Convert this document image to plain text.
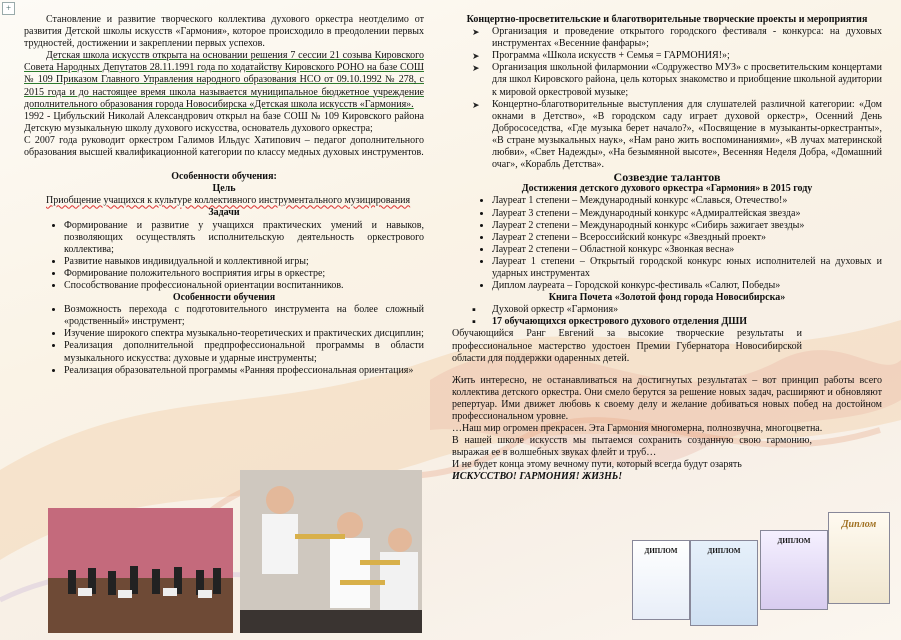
+

Становление и развитие творческого коллектива духового оркестра неотделимо от развития Детской школы искусств «Гармония», которое происходило в преодолении первых трудностей, достижении и закреплении первых успехов.

Детская школа искусств открыта на основании решения 7 сессии 21 созыва Кировского Совета Народных Депутатов 28.11.1991 года по ходатайству Кировского РОНО на базе СОШ № 109 Приказом Главного Управления народного образования НСО от 09.10.1992 № 278, с 2015 года и до настоящее время школа называется муниципальное бюджетное учреждение дополнительного образования города Новосибирска «Детская школа искусств «Гармония».

1992 - Цибульский Николай Александрович открыл на базе СОШ № 109 Кировского района Детскую музыкальную школу духового искусства, основатель духового оркестра;

С 2007 года руководит оркестром Галимов Ильдус Хатипович – педагог дополнительного образования высшей квалификационной категории по классу медных духовых инструментов.

Особенности обучения:

Цель

Приобщение учащихся к культуре коллективного инструментального музицирования

Задачи

• Формирование и развитие у учащихся практических умений и навыков, позволяющих осуществлять исполнительскую деятельность оркестрового коллектива;
• Развитие навыков индивидуальной и коллективной игры;
• Формирование положительного восприятия игры в оркестре;
• Способствование профессиональной ориентации воспитанников.

Особенности обучения

• Возможность перехода с подготовительного инструмента на более сложный «родственный» инструмент;
• Изучение широкого спектра музыкально-теоретических и практических дисциплин;
• Реализация дополнительной предпрофессиональной программы в области музыкального искусства: духовые и ударные инструменты;
• Реализация образовательной программы «Ранняя профессиональная ориентация»

Концертно-просветительские и благотворительные творческие проекты и мероприятия

➤ Организация и проведение открытого городского фестиваля - конкурса: на духовых инструментах «Весенние фанфары»;
➤ Программа «Школа искусств + Семья = ГАРМОНИЯ!»;
➤ Организация школьной филармонии «Содружество МУЗ» с просветительским концертами для школ Кировского района, цель которых знакомство и приобщение школьной аудитории к мировой оркестровой музыке;
➤ Концертно-благотворительные выступления для слушателей различной категории: «Дом окнами в Детство», «В городском саду играет духовой оркестр», Осенний День Добрососедства, «Где музыка берет начало?», «Посвящение в музыканты-оркестранты», «В стране музыкальных наук», «Нам рано жить воспоминаниями», «В лучах материнской любви», «Свет Надежды», «На безымянной высоте», Весенняя Неделя Добра, «Домашний очаг», «Корабль Детства».

Созвездие талантов

Достижения детского духового оркестра «Гармония» в 2015 году

• Лауреат 1 степени – Международный конкурс «Славься, Отечество!»
• Лауреат 3 степени – Международный конкурс «Адмиралтейская звезда»
• Лауреат 2 степени – Международный конкурс «Сибирь зажигает звезды»
• Лауреат 2 степени – Всероссийский конкурс «Звездный проект»
• Лауреат 2 степени – Областной конкурс «Звонкая весна»
• Лауреат 1 степени – Открытый городской конкурс юных исполнителей на духовых и ударных инструментах
• Диплом лауреата – Городской конкурс-фестиваль «Салют, Победы»

Книга Почета «Золотой фонд города Новосибирска»

▪ Духовой оркестр «Гармония»
▪ 17 обучающихся оркестрового духового отделения ДШИ

Обучающийся Ранг Евгений за высокие творческие результаты и профессиональное мастерство удостоен Премии Губернатора Новосибирской области для поддержки одаренных детей.

Жить интересно, не останавливаться на достигнутых результатах – вот принцип работы всего коллектива детского оркестра. Они смело берутся за решение новых задач, расширяют и обновляют репертуар. Ими движет любовь к своему делу и желание добиваться новых побед на достойном профессиональном уровне.

…Наш мир огромен прекрасен. Эта Гармония многомерна, полнозвучна, многоцветна.

В нашей школе искусств мы пытаемся сохранить созданную свою гармонию, выражая ее в волшебных звуках флейт и труб…

И не будет конца этому вечному пути, который всегда будут озарять

ИСКУССТВО! ГАРМОНИЯ! ЖИЗНЬ!

ДИПЛОМ	ДИПЛОМ
ДИПЛОМ
Диплом
